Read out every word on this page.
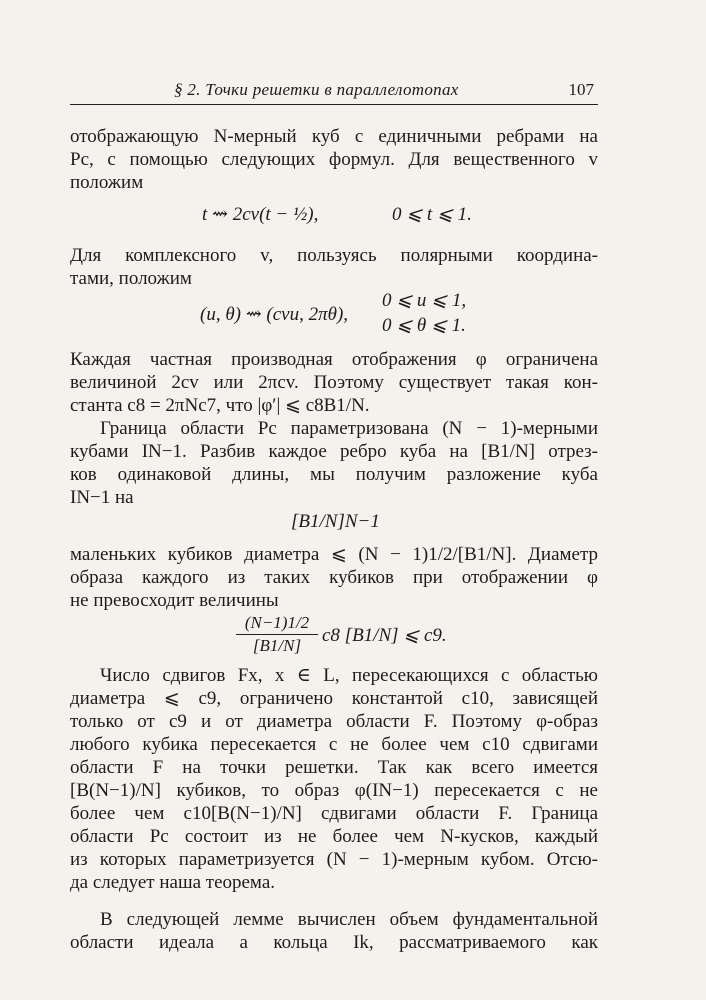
§ 2. Точки решетки в параллелотопах	107
отображающую N-мерный куб с единичными ребрами на
Pc, с помощью следующих формул. Для вещественного v
положим
t ⇝ 2cv(t − ½),	0 ⩽ t ⩽ 1.
Для комплексного v, пользуясь полярными координа-
тами, положим
(u, θ) ⇝ (cvu, 2πθ),
0 ⩽ u ⩽ 1,
0 ⩽ θ ⩽ 1.
Каждая частная производная отображения φ ограничена
величиной 2cv или 2πcv. Поэтому существует такая кон-
станта c8 = 2πNc7, что |φ′| ⩽ c8B1/N.
Граница области Pc параметризована (N − 1)-мерными
кубами IN−1. Разбив каждое ребро куба на [B1/N] отрез-
ков одинаковой длины, мы получим разложение куба
IN−1 на
[B1/N]N−1
маленьких кубиков диаметра ⩽ (N − 1)1/2/[B1/N]. Диаметр
образа каждого из таких кубиков при отображении φ
не превосходит величины
(N−1)1/2
[B1/N]	c8 [B1/N] ⩽ c9.
Число сдвигов Fx, x ∈ L, пересекающихся с областью
диаметра ⩽ c9, ограничено константой c10, зависящей
только от c9 и от диаметра области F. Поэтому φ-образ
любого кубика пересекается с не более чем c10 сдвигами
области F на точки решетки. Так как всего имеется
[B(N−1)/N] кубиков, то образ φ(IN−1) пересекается с не
более чем c10[B(N−1)/N] сдвигами области F. Граница
области Pc состоит из не более чем N-кусков, каждый
из которых параметризуется (N − 1)-мерным кубом. Отсю-
да следует наша теорема.
В следующей лемме вычислен объем фундаментальной
области идеала a кольца Ik, рассматриваемого как
